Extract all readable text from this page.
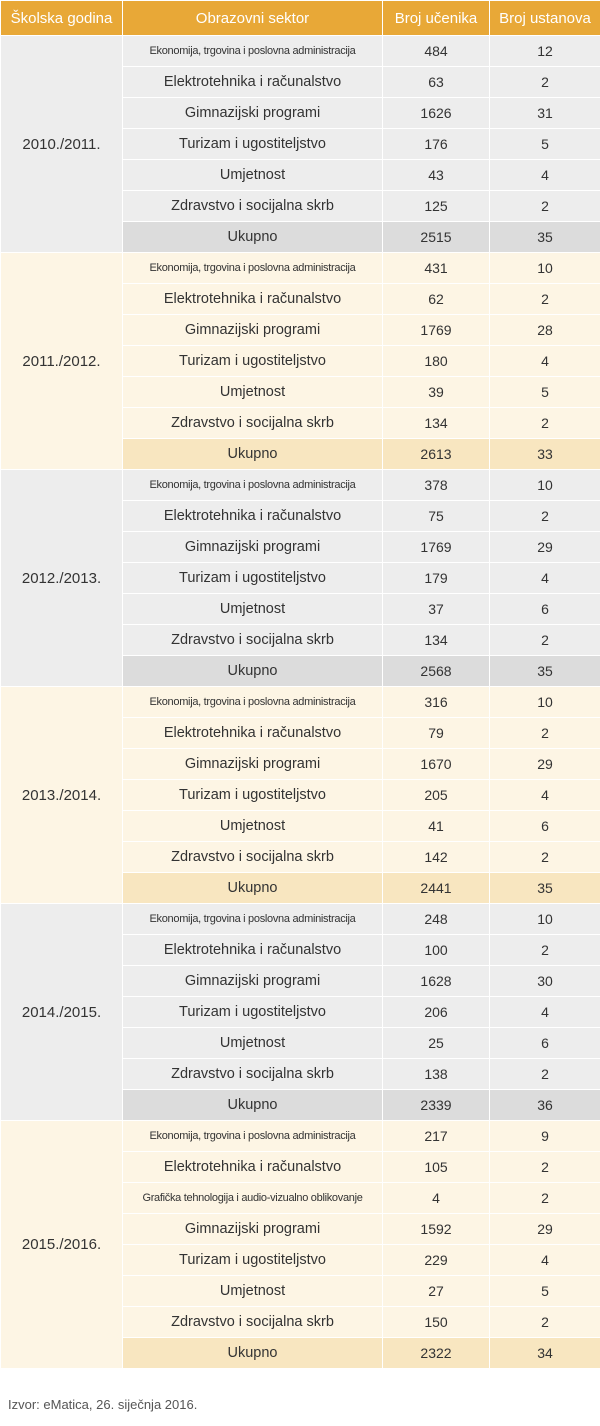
Školska godina	Obrazovni sektor	Broj učenika	Broj ustanova
2010./2011.	Ekonomija, trgovina i poslovna administracija	484	12
	Elektrotehnika i računalstvo	63	2
	Gimnazijski programi	1626	31
	Turizam i ugostiteljstvo	176	5
	Umjetnost	43	4
	Zdravstvo i socijalna skrb	125	2
	Ukupno	2515	35
2011./2012.	Ekonomija, trgovina i poslovna administracija	431	10
	Elektrotehnika i računalstvo	62	2
	Gimnazijski programi	1769	28
	Turizam i ugostiteljstvo	180	4
	Umjetnost	39	5
	Zdravstvo i socijalna skrb	134	2
	Ukupno	2613	33
2012./2013.	Ekonomija, trgovina i poslovna administracija	378	10
	Elektrotehnika i računalstvo	75	2
	Gimnazijski programi	1769	29
	Turizam i ugostiteljstvo	179	4
	Umjetnost	37	6
	Zdravstvo i socijalna skrb	134	2
	Ukupno	2568	35
2013./2014.	Ekonomija, trgovina i poslovna administracija	316	10
	Elektrotehnika i računalstvo	79	2
	Gimnazijski programi	1670	29
	Turizam i ugostiteljstvo	205	4
	Umjetnost	41	6
	Zdravstvo i socijalna skrb	142	2
	Ukupno	2441	35
2014./2015.	Ekonomija, trgovina i poslovna administracija	248	10
	Elektrotehnika i računalstvo	100	2
	Gimnazijski programi	1628	30
	Turizam i ugostiteljstvo	206	4
	Umjetnost	25	6
	Zdravstvo i socijalna skrb	138	2
	Ukupno	2339	36
2015./2016.	Ekonomija, trgovina i poslovna administracija	217	9
	Elektrotehnika i računalstvo	105	2
	Grafička tehnologija i audio-vizualno oblikovanje	4	2
	Gimnazijski programi	1592	29
	Turizam i ugostiteljstvo	229	4
	Umjetnost	27	5
	Zdravstvo i socijalna skrb	150	2
	Ukupno	2322	34
Izvor: eMatica, 26. siječnja 2016.
